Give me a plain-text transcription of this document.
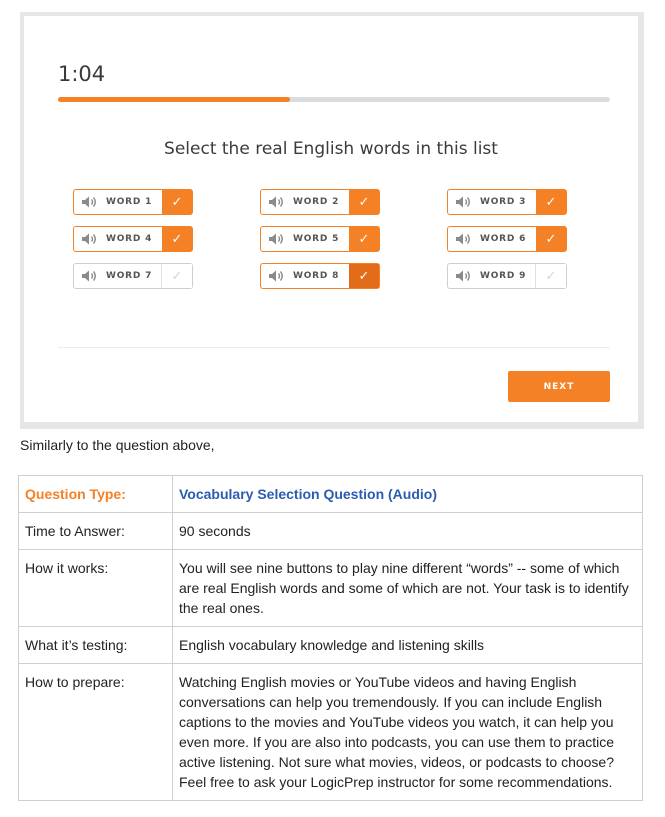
1:04
Select the real English words in this list
WORD 1 ✓	WORD 2 ✓	WORD 3 ✓
WORD 4 ✓	WORD 5 ✓	WORD 6 ✓
WORD 7 ✓	WORD 8 ✓	WORD 9 ✓
NEXT
Similarly to the question above,
Question Type:	Vocabulary Selection Question (Audio)
Time to Answer:	90 seconds
How it works:	You will see nine buttons to play nine different “words” -- some of which are real English words and some of which are not. Your task is to identify the real ones.
What it’s testing:	English vocabulary knowledge and listening skills
How to prepare:	Watching English movies or YouTube videos and having English conversations can help you tremendously. If you can include English captions to the movies and YouTube videos you watch, it can help you even more. If you are also into podcasts, you can use them to practice active listening. Not sure what movies, videos, or podcasts to choose? Feel free to ask your LogicPrep instructor for some recommendations.
